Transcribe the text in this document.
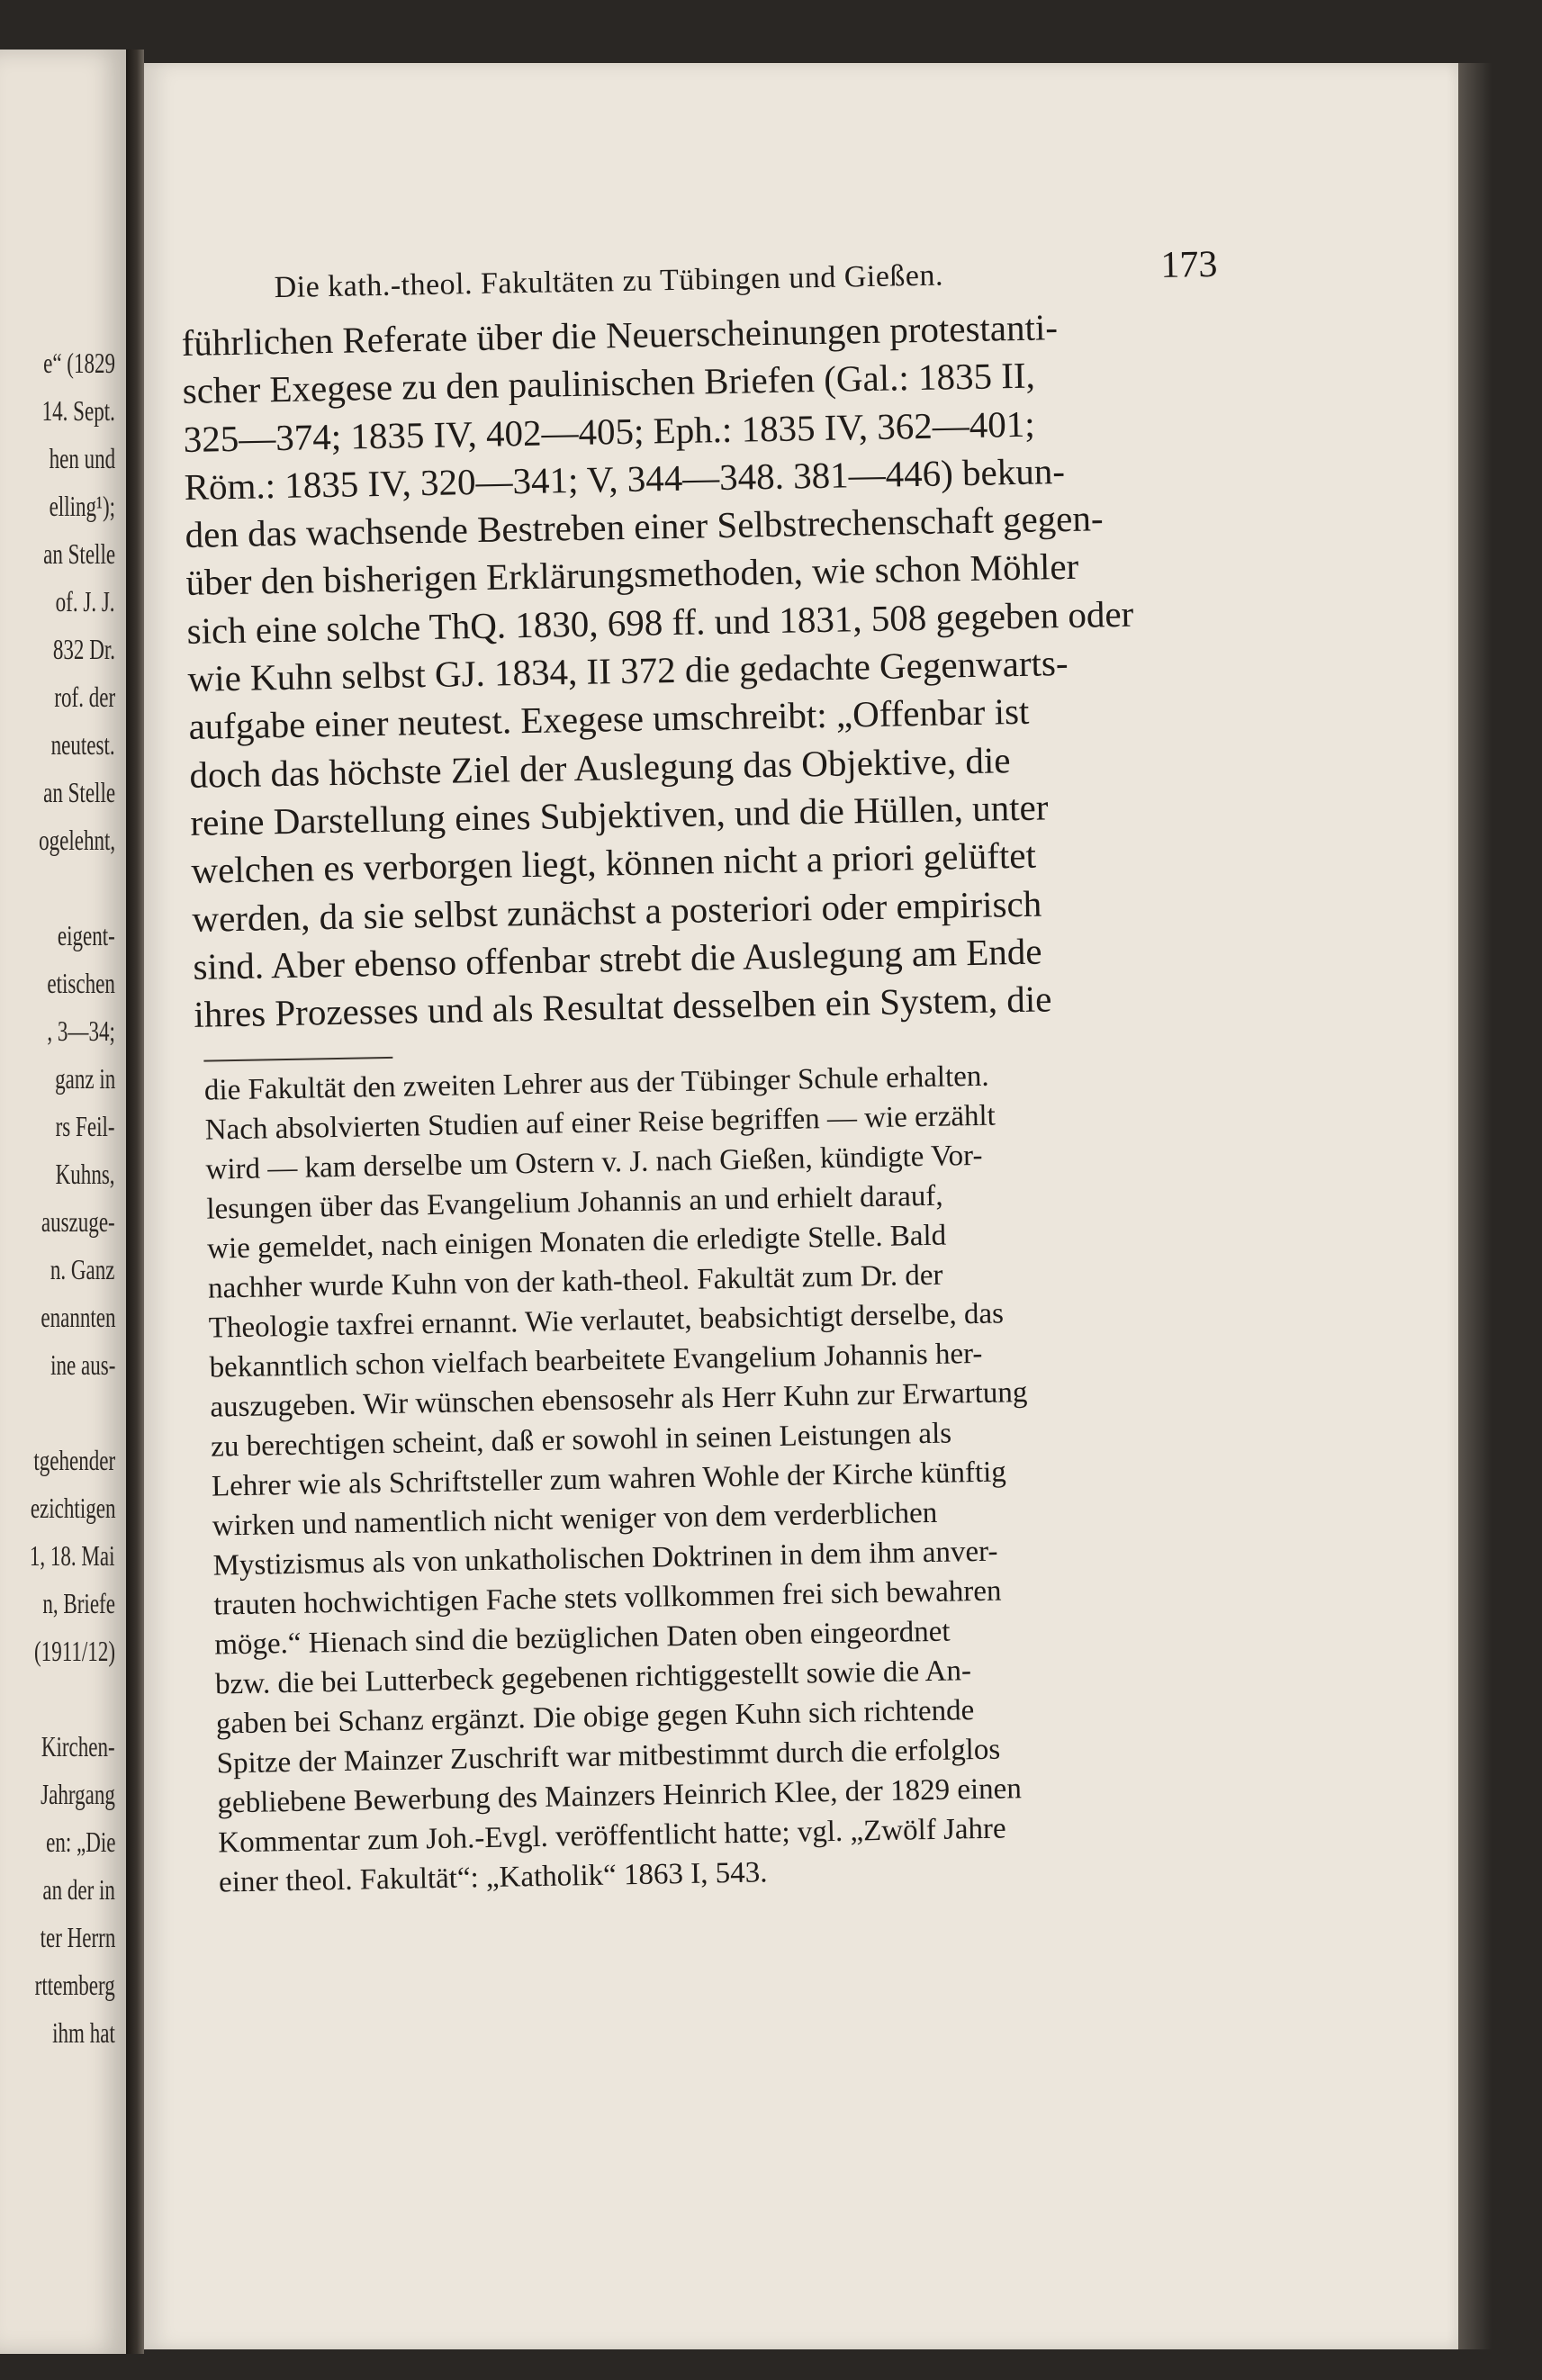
e“ (1829
14. Sept.
hen und
elling¹);
an Stelle
of. J. J.
832 Dr.
rof. der
neutest.
an Stelle
ogelehnt,
eigent-
etischen
, 3—34;
ganz in
rs Feil-
Kuhns,
auszuge-
n. Ganz
enannten
ine aus-
tgehender
ezichtigen
1, 18. Mai
n, Briefe
(1911/12)
Kirchen-
Jahrgang
en: „Die
an der in
ter Herrn
rttemberg
ihm hat
Die kath.-theol. Fakultäten zu Tübingen und Gießen.	173
führlichen Referate über die Neuerscheinungen protestanti-
scher Exegese zu den paulinischen Briefen (Gal.: 1835 II,
325—374; 1835 IV, 402—405; Eph.: 1835 IV, 362—401;
Röm.: 1835 IV, 320—341; V, 344—348. 381—446) bekun-
den das wachsende Bestreben einer Selbstrechenschaft gegen-
über den bisherigen Erklärungsmethoden, wie schon Möhler
sich eine solche ThQ. 1830, 698 ff. und 1831, 508 gegeben oder
wie Kuhn selbst GJ. 1834, II 372 die gedachte Gegenwarts-
aufgabe einer neutest. Exegese umschreibt: „Offenbar ist
doch das höchste Ziel der Auslegung das Objektive, die
reine Darstellung eines Subjektiven, und die Hüllen, unter
welchen es verborgen liegt, können nicht a priori gelüftet
werden, da sie selbst zunächst a posteriori oder empirisch
sind. Aber ebenso offenbar strebt die Auslegung am Ende
ihres Prozesses und als Resultat desselben ein System, die
die Fakultät den zweiten Lehrer aus der Tübinger Schule erhalten.
Nach absolvierten Studien auf einer Reise begriffen — wie erzählt
wird — kam derselbe um Ostern v. J. nach Gießen, kündigte Vor-
lesungen über das Evangelium Johannis an und erhielt darauf,
wie gemeldet, nach einigen Monaten die erledigte Stelle. Bald
nachher wurde Kuhn von der kath-theol. Fakultät zum Dr. der
Theologie taxfrei ernannt. Wie verlautet, beabsichtigt derselbe, das
bekanntlich schon vielfach bearbeitete Evangelium Johannis her-
auszugeben. Wir wünschen ebensosehr als Herr Kuhn zur Erwartung
zu berechtigen scheint, daß er sowohl in seinen Leistungen als
Lehrer wie als Schriftsteller zum wahren Wohle der Kirche künftig
wirken und namentlich nicht weniger von dem verderblichen
Mystizismus als von unkatholischen Doktrinen in dem ihm anver-
trauten hochwichtigen Fache stets vollkommen frei sich bewahren
möge.“ Hienach sind die bezüglichen Daten oben eingeordnet
bzw. die bei Lutterbeck gegebenen richtiggestellt sowie die An-
gaben bei Schanz ergänzt. Die obige gegen Kuhn sich richtende
Spitze der Mainzer Zuschrift war mitbestimmt durch die erfolglos
gebliebene Bewerbung des Mainzers Heinrich Klee, der 1829 einen
Kommentar zum Joh.-Evgl. veröffentlicht hatte; vgl. „Zwölf Jahre
einer theol. Fakultät“: „Katholik“ 1863 I, 543.
